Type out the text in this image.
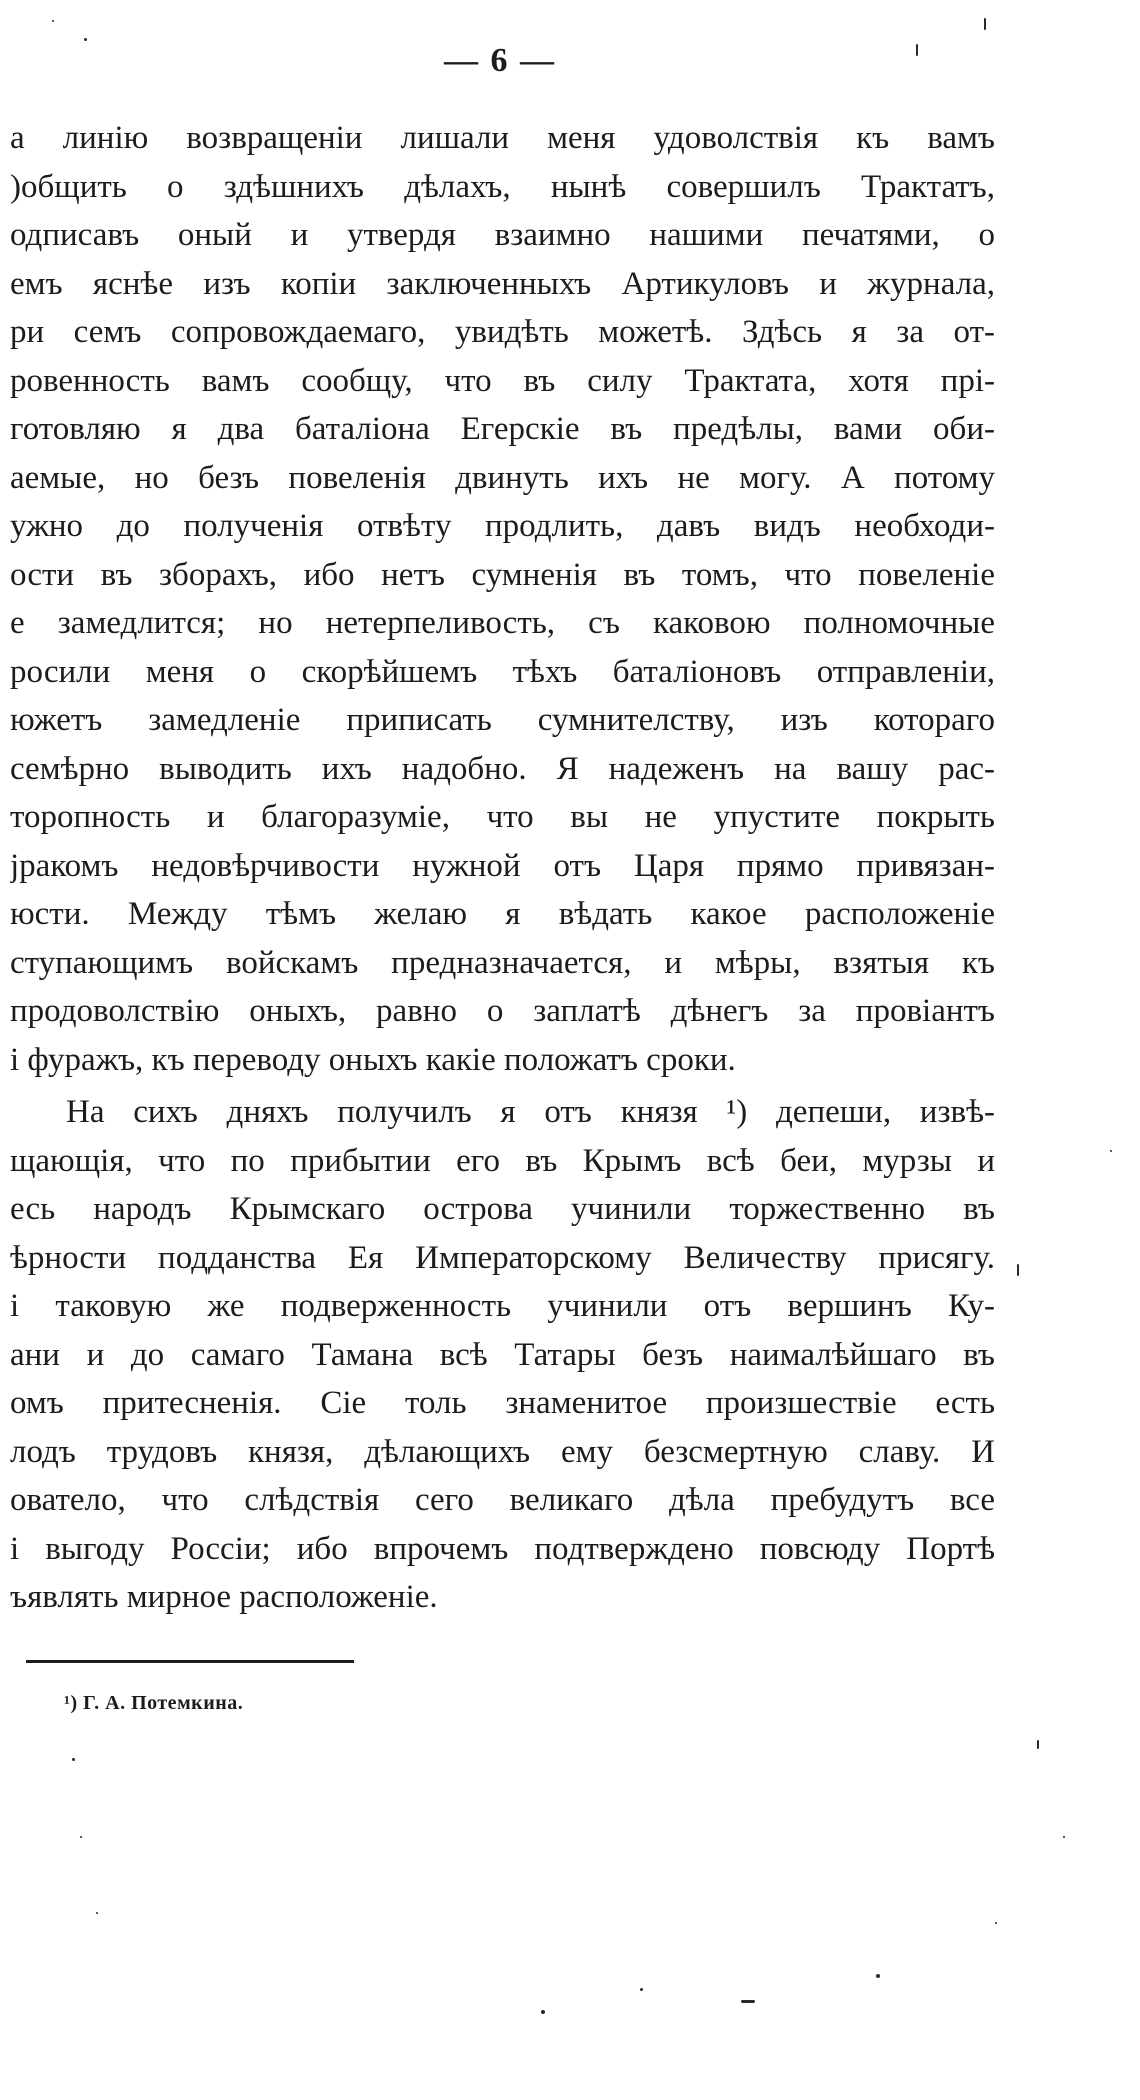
— 6 —
а линію возвращеніи лишали меня удоволствія къ вамъ
)общить о здѣшнихъ дѣлахъ, нынѣ совершилъ Трактатъ,
одписавъ оный и утвердя взаимно нашими печатями, о
емъ яснѣе изъ копіи заключенныхъ Артикуловъ и журнала,
ри семъ сопровождаемаго, увидѣть можетѣ. Здѣсь я за от-
ровенность вамъ сообщу, что въ силу Трактата, хотя прі-
готовляю я два баталіона Егерскіе въ предѣлы, вами оби-
аемые, но безъ повеленія двинуть ихъ не могу. А потому
ужно до полученія отвѣту продлить, давъ видъ необходи-
ости въ зборахъ, ибо нетъ сумненія въ томъ, что повеленіе
е замедлится; но нетерпеливость, съ каковою полномочные
росили меня о скорѣйшемъ тѣхъ баталіоновъ отправленіи,
южетъ замедленіе приписать сумнителству, изъ котораго
семѣрно выводить ихъ надобно. Я надеженъ на вашу рас-
торопность и благоразуміе, что вы не упустите покрыть
јракомъ недовѣрчивости нужной отъ Царя прямо привязан-
юсти. Между тѣмъ желаю я вѣдать какое расположеніе
ступающимъ войскамъ предназначается, и мѣры, взятыя къ
продоволствію оныхъ, равно о заплатѣ дѣнегъ за провіантъ
і фуражъ, къ переводу оныхъ какіе положатъ сроки.
На сихъ дняхъ получилъ я отъ князя ¹) депеши, извѣ-
щающія, что по прибытии его въ Крымъ всѣ беи, мурзы и
есь народъ Крымскаго острова учинили торжественно въ
ѣрности подданства Ея Императорскому Величеству присягу.
і таковую же подверженность учинили отъ вершинъ Ку-
ани и до самаго Тамана всѣ Татары безъ наималѣйшаго въ
омъ притесненія. Сіе толь знаменитое произшествіе есть
лодъ трудовъ князя, дѣлающихъ ему безсмертную славу. И
ователо, что слѣдствія сего великаго дѣла пребудутъ все
і выгоду Россіи; ибо впрочемъ подтверждено повсюду Портѣ
ъявлять мирное расположеніе.
¹) Г. А. Потемкина.
